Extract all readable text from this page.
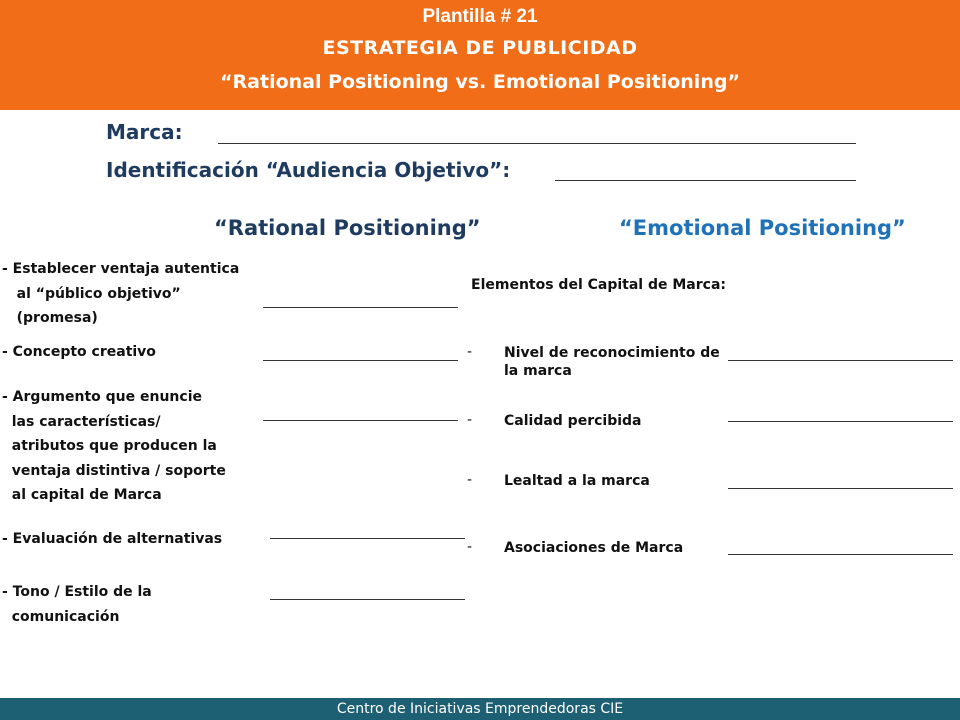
Plantilla # 21
ESTRATEGIA DE PUBLICIDAD
“Rational Positioning vs. Emotional Positioning”
Marca:
Identificación “Audiencia Objetivo”:
“Rational Positioning”	“Emotional Positioning”
- Establecer ventaja autentica
al “público objetivo”
(promesa)
- Concepto creativo
- Argumento que enuncie
las características/
atributos que producen la
ventaja distintiva / soporte
al capital de Marca
- Evaluación de alternativas
- Tono / Estilo de la
comunicación
Elementos del Capital de Marca:
- Nivel de reconocimiento de
la marca
- Calidad percibida
- Lealtad a la marca
- Asociaciones de Marca
Centro de Iniciativas Emprendedoras CIE
